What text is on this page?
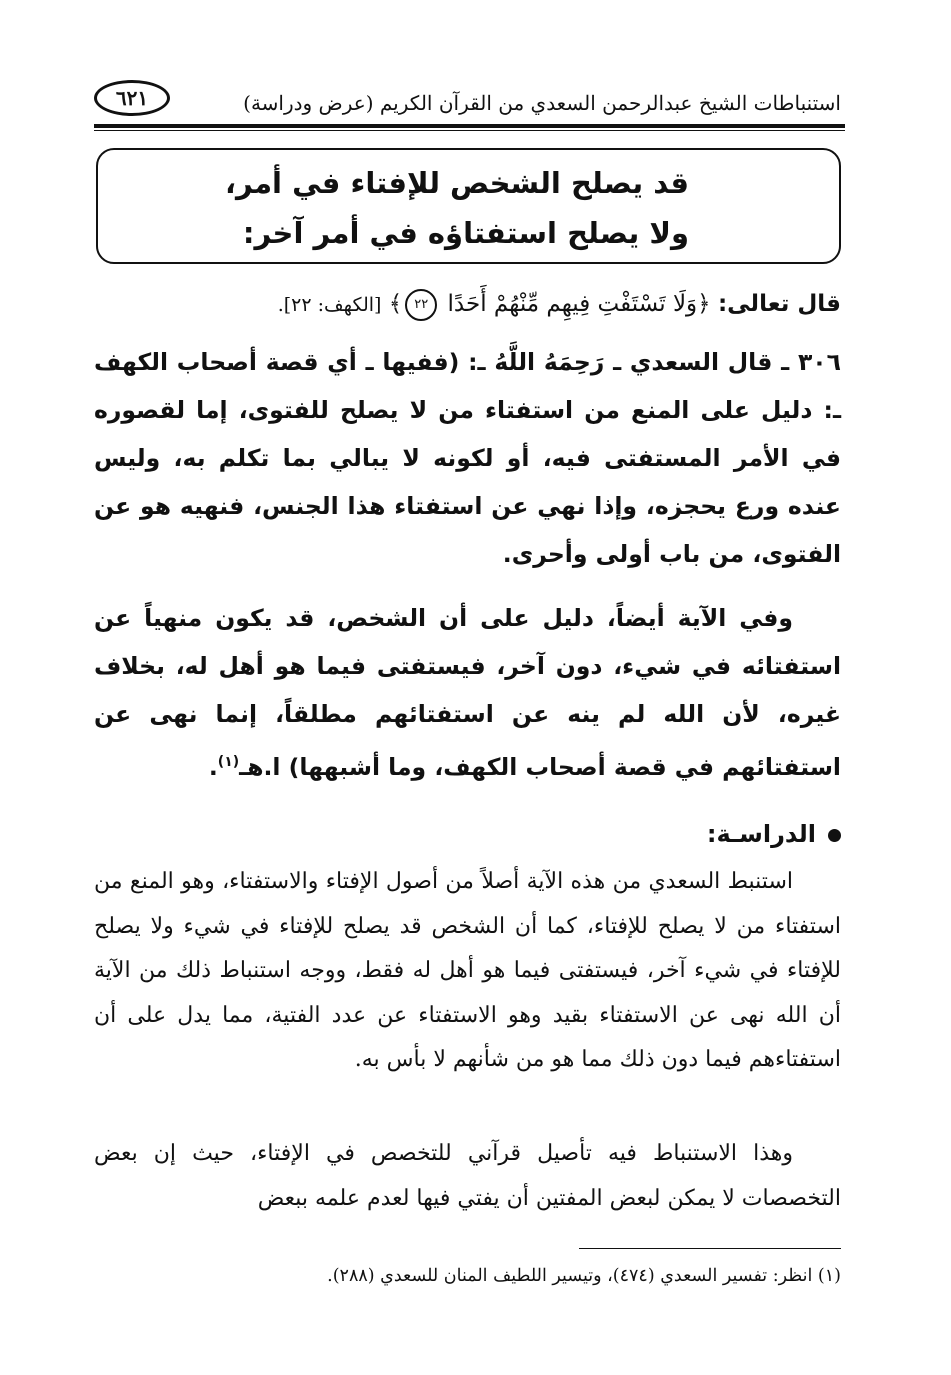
استنباطات الشيخ عبدالرحمن السعدي من القرآن الكريم (عرض ودراسة)
٦٢١
قد يصلح الشخص للإفتاء في أمر،
ولا يصلح استفتاؤه في أمر آخر:
قال تعالى: ﴿وَلَا تَسْتَفْتِ فِيهِم مِّنْهُمْ أَحَدًا ٢٢﴾ [الكهف: ٢٢].

٣٠٦ ـ قال السعدي ـ رَحِمَهُ اللَّهُ ـ: (ففيها ـ أي قصة أصحاب الكهف ـ: دليل على المنع من استفتاء من لا يصلح للفتوى، إما لقصوره في الأمر المستفتى فيه، أو لكونه لا يبالي بما تكلم به، وليس عنده ورع يحجزه، وإذا نهي عن استفتاء هذا الجنس، فنهيه هو عن الفتوى، من باب أولى وأحرى.

وفي الآية أيضاً، دليل على أن الشخص، قد يكون منهياً عن استفتائه في شيء، دون آخر، فيستفتى فيما هو أهل له، بخلاف غيره، لأن الله لم ينه عن استفتائهم مطلقاً، إنما نهى عن استفتائهم في قصة أصحاب الكهف، وما أشبهها) ا.هـ$^{(١)}$.

الدراسـة:

استنبط السعدي من هذه الآية أصلاً من أصول الإفتاء والاستفتاء، وهو المنع من استفتاء من لا يصلح للإفتاء، كما أن الشخص قد يصلح للإفتاء في شيء ولا يصلح للإفتاء في شيء آخر، فيستفتى فيما هو أهل له فقط، ووجه استنباط ذلك من الآية أن الله نهى عن الاستفتاء بقيد وهو الاستفتاء عن عدد الفتية، مما يدل على أن استفتاءهم فيما دون ذلك مما هو من شأنهم لا بأس به.

وهذا الاستنباط فيه تأصيل قرآني للتخصص في الإفتاء، حيث إن بعض التخصصات لا يمكن لبعض المفتين أن يفتي فيها لعدم علمه ببعض

(١) انظر: تفسير السعدي (٤٧٤)، وتيسير اللطيف المنان للسعدي (٢٨٨).
